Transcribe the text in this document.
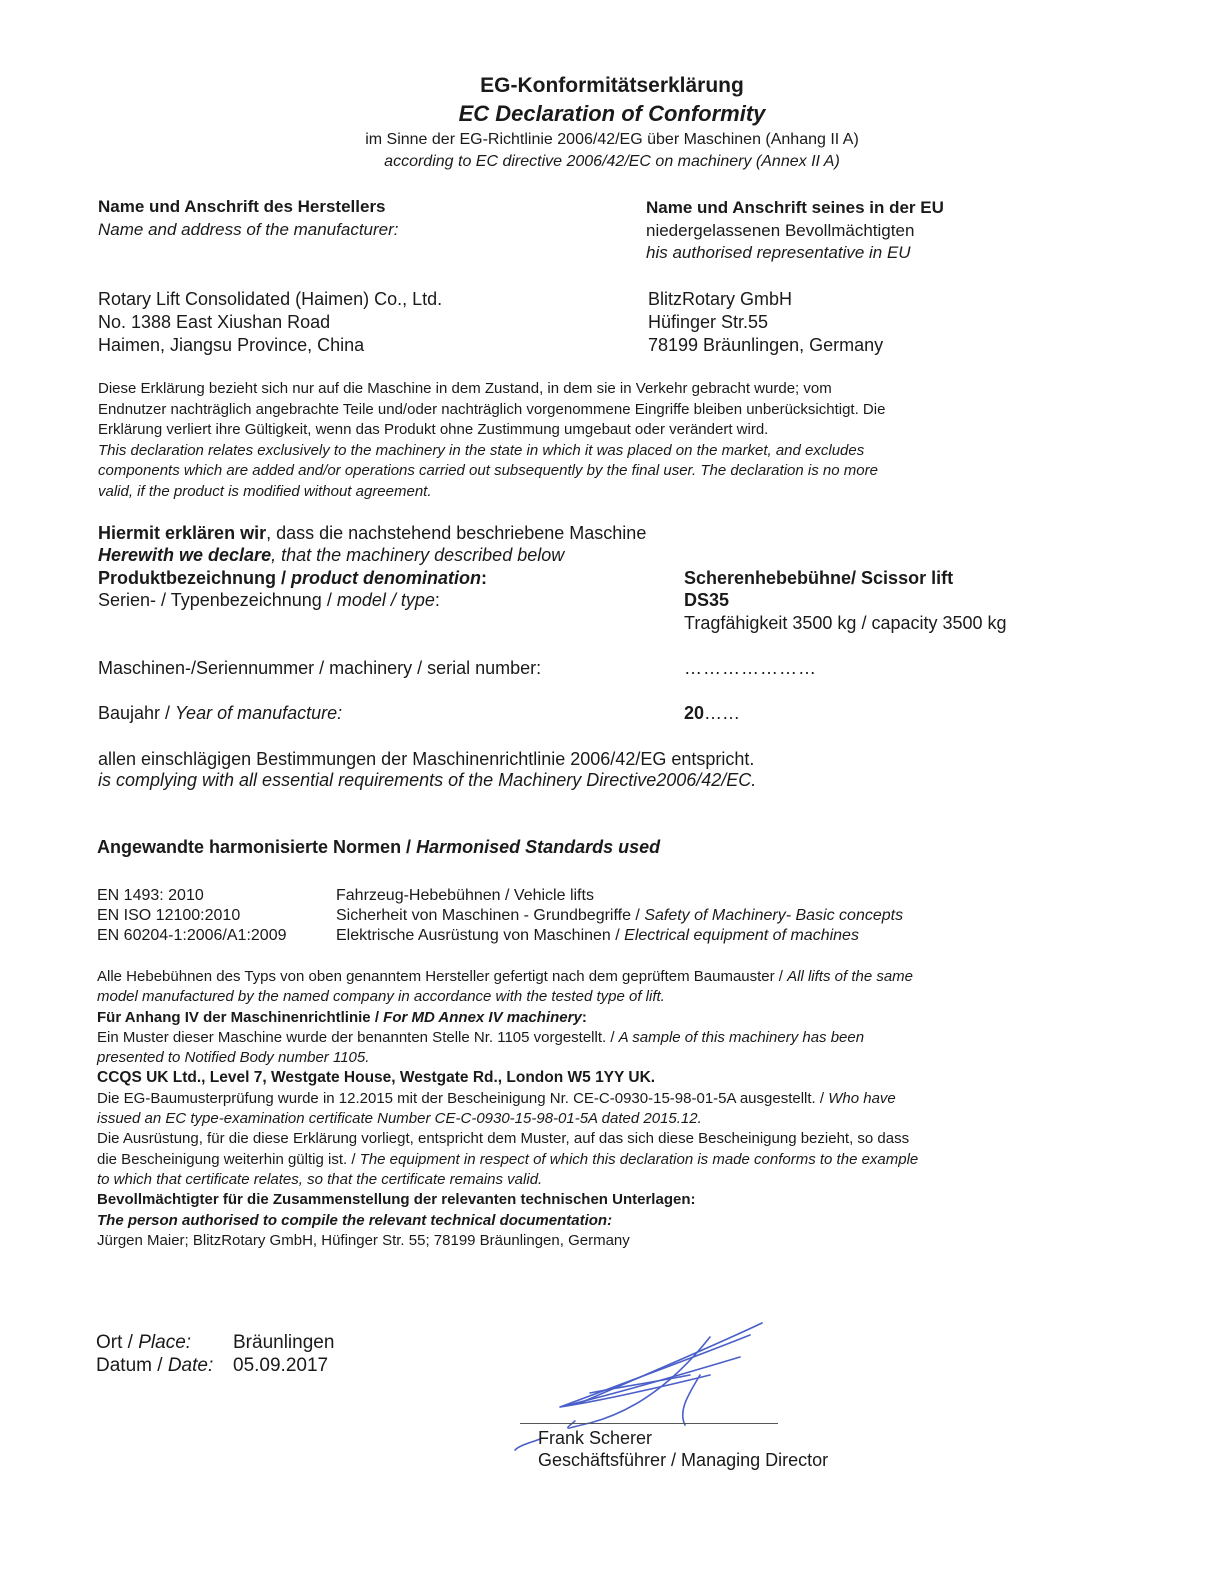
EG-Konformitätserklärung
EC Declaration of Conformity
im Sinne der EG-Richtlinie 2006/42/EG über Maschinen (Anhang II A)
according to EC directive 2006/42/EC on machinery (Annex II A)
Name und Anschrift des Herstellers
Name and address of the manufacturer:
Rotary Lift Consolidated (Haimen) Co., Ltd.
No. 1388 East Xiushan Road
Haimen, Jiangsu Province, China
Name und Anschrift seines in der EU
niedergelassenen Bevollmächtigten
his authorised representative in EU
BlitzRotary GmbH
Hüfinger Str.55
78199 Bräunlingen, Germany
Diese Erklärung bezieht sich nur auf die Maschine in dem Zustand, in dem sie in Verkehr gebracht wurde; vom
Endnutzer nachträglich angebrachte Teile und/oder nachträglich vorgenommene Eingriffe bleiben unberücksichtigt. Die
Erklärung verliert ihre Gültigkeit, wenn das Produkt ohne Zustimmung umgebaut oder verändert wird.
This declaration relates exclusively to the machinery in the state in which it was placed on the market, and excludes
components which are added and/or operations carried out subsequently by the final user. The declaration is no more
valid, if the product is modified without agreement.
Hiermit erklären wir, dass die nachstehend beschriebene Maschine
Herewith we declare, that the machinery described below
Produktbezeichnung / product denomination:	Scherenhebebühne/ Scissor lift
Serien- / Typenbezeichnung / model / type:	DS35
Tragfähigkeit 3500 kg / capacity 3500 kg
Maschinen-/Seriennummer / machinery / serial number:	…………………
Baujahr / Year of manufacture:	20……
allen einschlägigen Bestimmungen der Maschinenrichtlinie 2006/42/EG entspricht.
is complying with all essential requirements of the Machinery Directive2006/42/EC.
Angewandte harmonisierte Normen / Harmonised Standards used
EN 1493: 2010	Fahrzeug-Hebebühnen / Vehicle lifts
EN ISO 12100:2010	Sicherheit von Maschinen - Grundbegriffe / Safety of Machinery- Basic concepts
EN 60204-1:2006/A1:2009	Elektrische Ausrüstung von Maschinen / Electrical equipment of machines
Alle Hebebühnen des Typs von oben genanntem Hersteller gefertigt nach dem geprüftem Baumauster / All lifts of the same
model manufactured by the named company in accordance with the tested type of lift.
Für Anhang IV der Maschinenrichtlinie / For MD Annex IV machinery:
Ein Muster dieser Maschine wurde der benannten Stelle Nr. 1105 vorgestellt. / A sample of this machinery has been
presented to Notified Body number 1105.
CCQS UK Ltd., Level 7, Westgate House, Westgate Rd., London W5 1YY UK.
Die EG-Baumusterprüfung wurde in 12.2015 mit der Bescheinigung Nr. CE-C-0930-15-98-01-5A ausgestellt. / Who have
issued an EC type-examination certificate Number CE-C-0930-15-98-01-5A dated 2015.12.
Die Ausrüstung, für die diese Erklärung vorliegt, entspricht dem Muster, auf das sich diese Bescheinigung bezieht, so dass
die Bescheinigung weiterhin gültig ist. / The equipment in respect of which this declaration is made conforms to the example
to which that certificate relates, so that the certificate remains valid.
Bevollmächtigter für die Zusammenstellung der relevanten technischen Unterlagen:
The person authorised to compile the relevant technical documentation:
Jürgen Maier; BlitzRotary GmbH, Hüfinger Str. 55; 78199 Bräunlingen, Germany
Ort / Place: Bräunlingen
Datum / Date: 05.09.2017
Frank Scherer
Geschäftsführer / Managing Director
